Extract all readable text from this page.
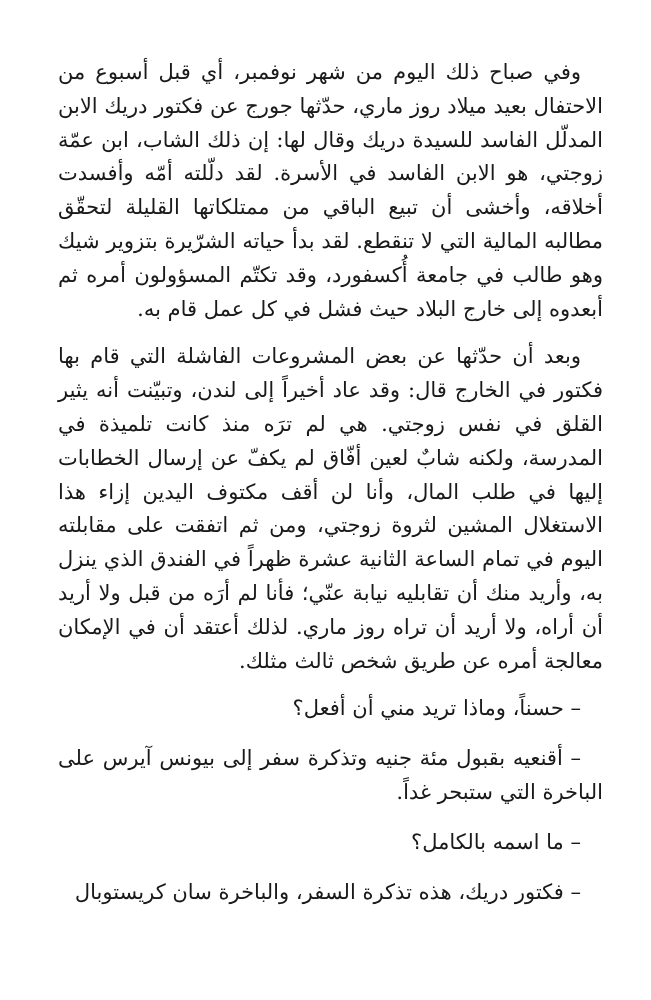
وفي صباح ذلك اليوم من شهر نوفمبر، أي قبل أسبوع من الاحتفال بعيد ميلاد روز ماري، حدّثها جورج عن فكتور دريك الابن المدلّل الفاسد للسيدة دريك وقال لها: إن ذلك الشاب، ابن عمّة زوجتي، هو الابن الفاسد في الأسرة. لقد دلّلته أمّه وأفسدت أخلاقه، وأخشى أن تبيع الباقي من ممتلكاتها القليلة لتحقّق مطالبه المالية التي لا تنقطع. لقد بدأ حياته الشرّيرة بتزوير شيك وهو طالب في جامعة أُكسفورد، وقد تكتّم المسؤولون أمره ثم أبعدوه إلى خارج البلاد حيث فشل في كل عمل قام به.

وبعد أن حدّثها عن بعض المشروعات الفاشلة التي قام بها فكتور في الخارج قال: وقد عاد أخيراً إلى لندن، وتبيّنت أنه يثير القلق في نفس زوجتي. هي لم ترَه منذ كانت تلميذة في المدرسة، ولكنه شابٌ لعين أفّاق لم يكفّ عن إرسال الخطابات إليها في طلب المال، وأنا لن أقف مكتوف اليدين إزاء هذا الاستغلال المشين لثروة زوجتي، ومن ثم اتفقت على مقابلته اليوم في تمام الساعة الثانية عشرة ظهراً في الفندق الذي ينزل به، وأريد منك أن تقابليه نيابة عنّي؛ فأنا لم أرَه من قبل ولا أريد أن أراه، ولا أريد أن تراه روز ماري. لذلك أعتقد أن في الإمكان معالجة أمره عن طريق شخص ثالث مثلك.

– حسناً، وماذا تريد مني أن أفعل؟

– أقنعيه بقبول مئة جنيه وتذكرة سفر إلى بيونس آيرس على الباخرة التي ستبحر غداً.

– ما اسمه بالكامل؟

– فكتور دريك، هذه تذكرة السفر، والباخرة سان كريستوبال
